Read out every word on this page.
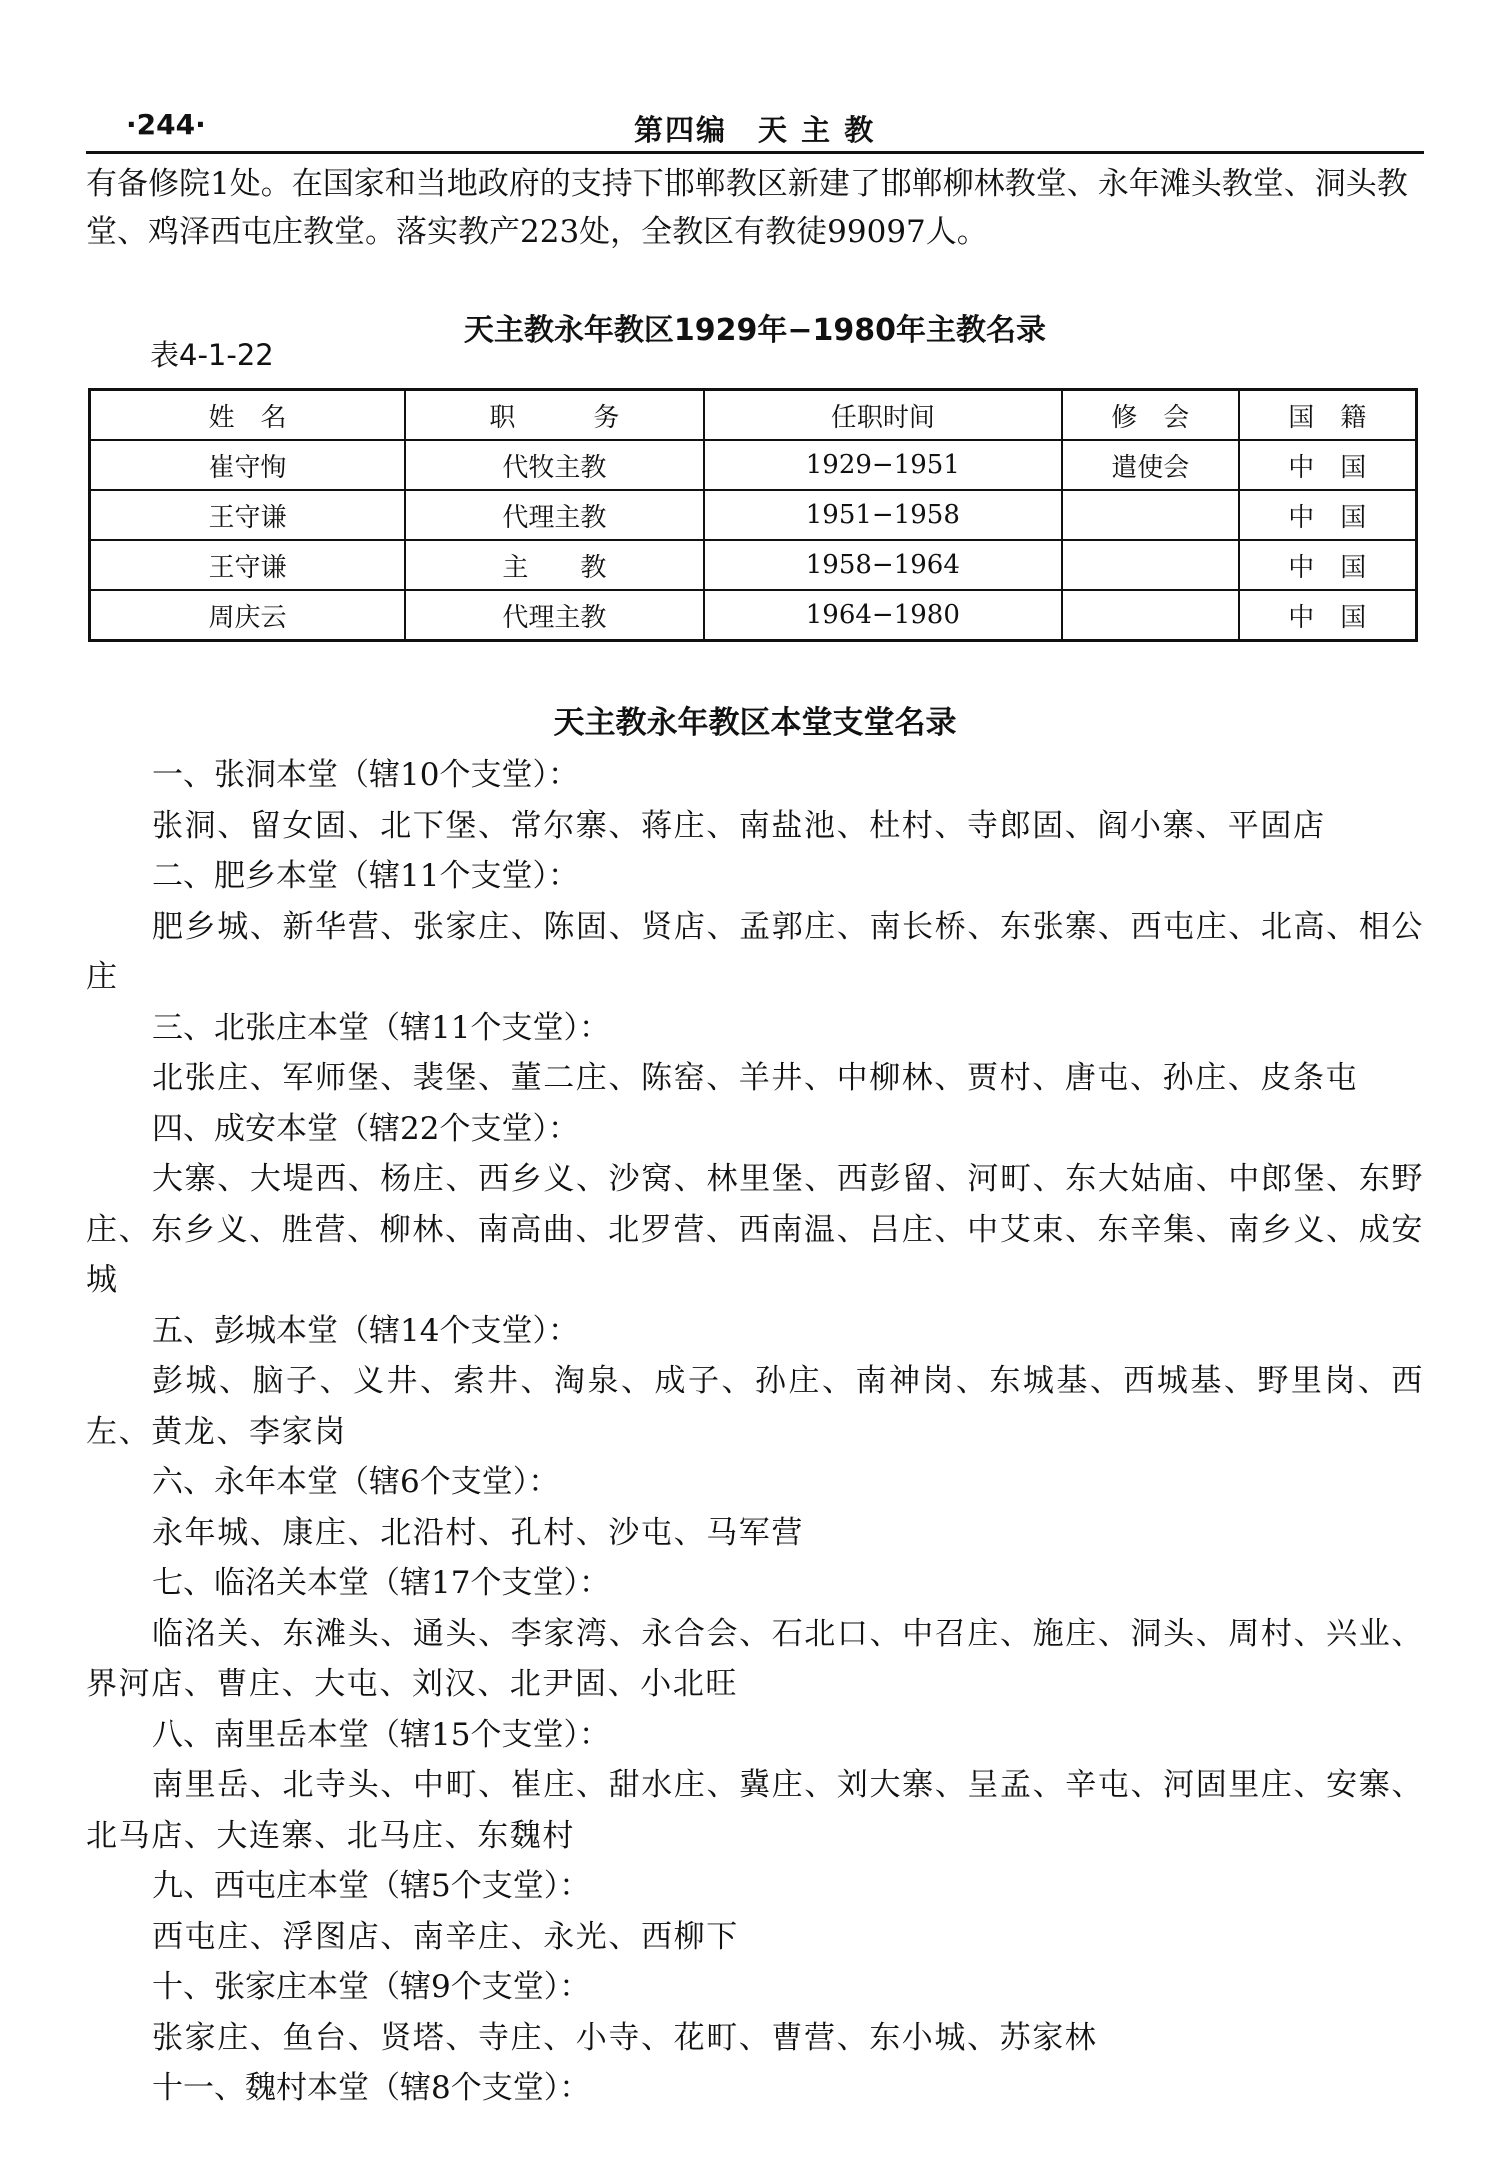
·244·	第四编　天 主 教

有备修院1处。在国家和当地政府的支持下邯郸教区新建了邯郸柳林教堂、永年滩头教堂、洞头教堂、鸡泽西屯庄教堂。落实教产223处，全教区有教徒99097人。

天主教永年教区1929年−1980年主教名录
表4-1-22
姓　名	职　　　务	任职时间	修　会	国　籍
崔守恂	代牧主教	1929−1951	遣使会	中　国
王守谦	代理主教	1951−1958		中　国
王守谦	主　　教	1958−1964		中　国
周庆云	代理主教	1964−1980		中　国
天主教永年教区本堂支堂名录

一、张洞本堂（辖10个支堂）：

张洞、留女固、北下堡、常尔寨、蒋庄、南盐池、杜村、寺郎固、阎小寨、平固店

二、肥乡本堂（辖11个支堂）：

肥乡城、新华营、张家庄、陈固、贤店、孟郭庄、南长桥、东张寨、西屯庄、北高、相公庄

三、北张庄本堂（辖11个支堂）：

北张庄、军师堡、裴堡、董二庄、陈窑、羊井、中柳林、贾村、唐屯、孙庄、皮条屯

四、成安本堂（辖22个支堂）：

大寨、大堤西、杨庄、西乡义、沙窝、林里堡、西彭留、河町、东大姑庙、中郎堡、东野庄、东乡义、胜营、柳林、南高曲、北罗营、西南温、吕庄、中艾束、东辛集、南乡义、成安城

五、彭城本堂（辖14个支堂）：

彭城、脑子、义井、索井、淘泉、成子、孙庄、南神岗、东城基、西城基、野里岗、西左、黄龙、李家岗

六、永年本堂（辖6个支堂）：

永年城、康庄、北沿村、孔村、沙屯、马军营

七、临洺关本堂（辖17个支堂）：

临洺关、东滩头、通头、李家湾、永合会、石北口、中召庄、施庄、洞头、周村、兴业、界河店、曹庄、大屯、刘汉、北尹固、小北旺

八、南里岳本堂（辖15个支堂）：

南里岳、北寺头、中町、崔庄、甜水庄、冀庄、刘大寨、呈孟、辛屯、河固里庄、安寨、北马店、大连寨、北马庄、东魏村

九、西屯庄本堂（辖5个支堂）：

西屯庄、浮图店、南辛庄、永光、西柳下

十、张家庄本堂（辖9个支堂）：

张家庄、鱼台、贤塔、寺庄、小寺、花町、曹营、东小城、苏家林

十一、魏村本堂（辖8个支堂）：
